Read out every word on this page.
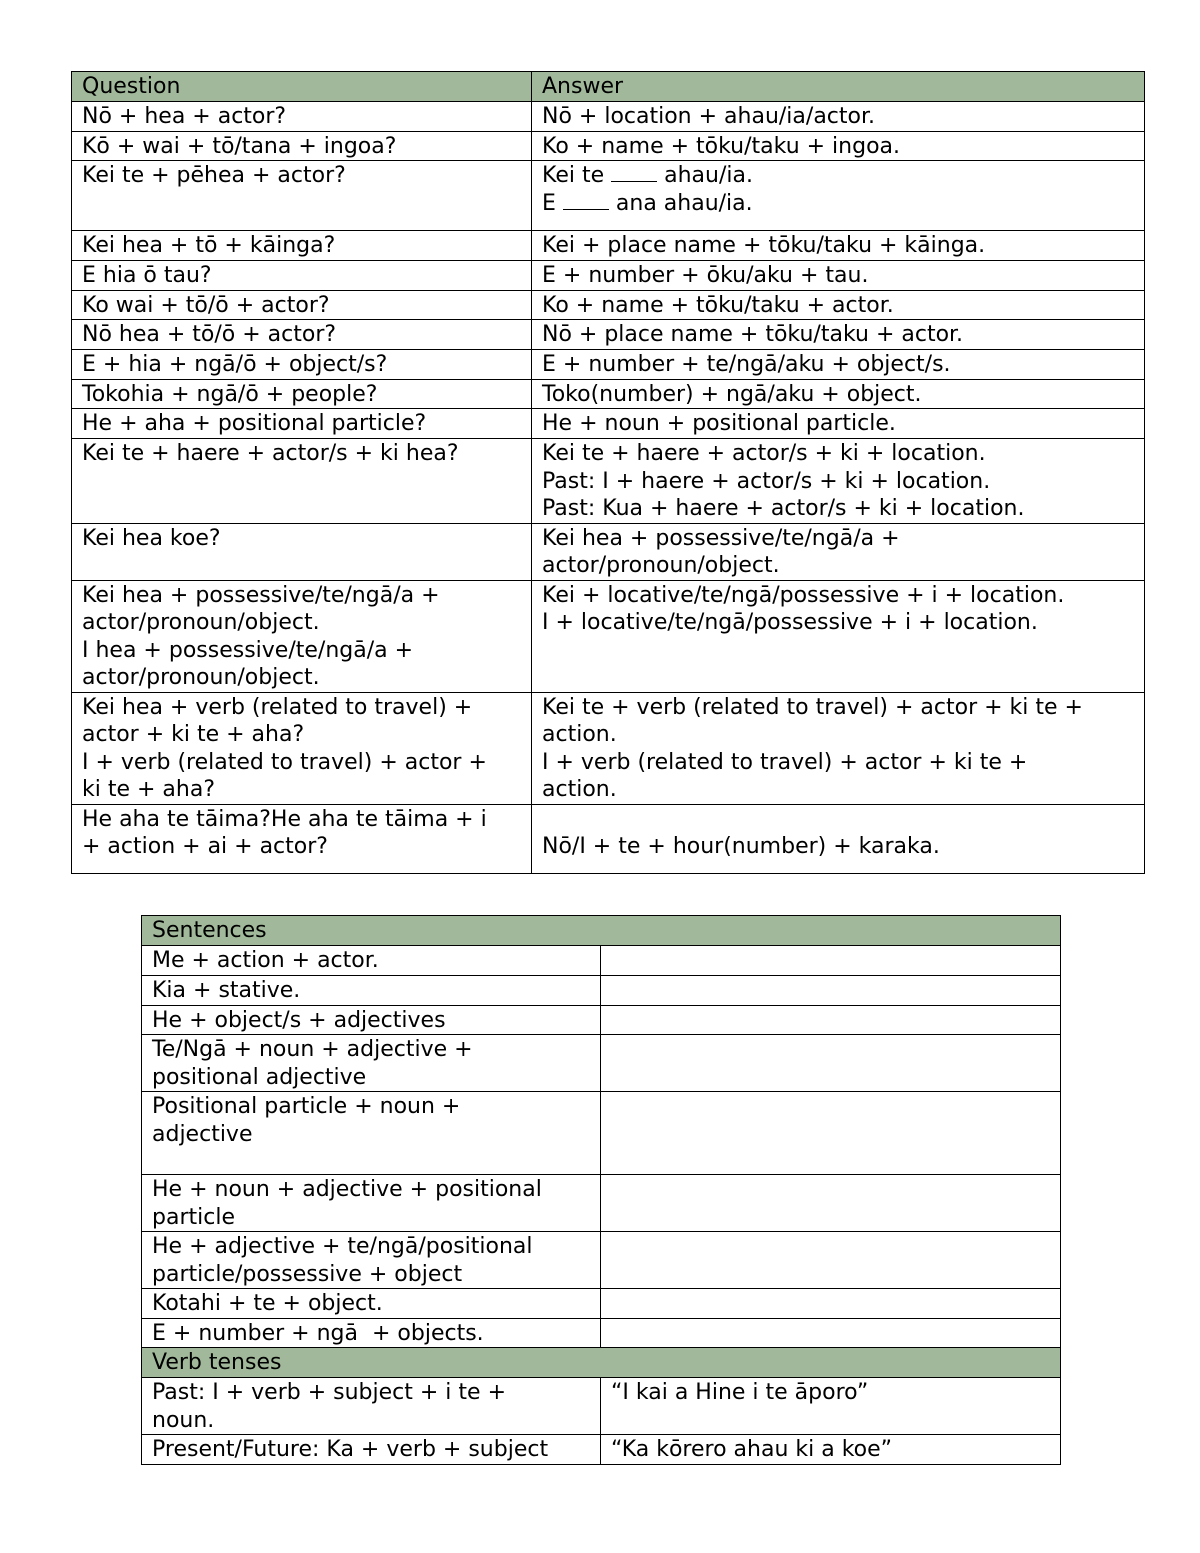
Question	Answer

Nō + hea + actor?	Nō + location + ahau/ia/actor.

Kō + wai + tō/tana + ingoa?	Ko + name + tōku/taku + ingoa.

Kei te + pēhea + actor?	Kei te  ahau/ia.
E  ana ahau/ia.

Kei hea + tō + kāinga?	Kei + place name + tōku/taku + kāinga.

E hia ō tau?	E + number + ōku/aku + tau.

Ko wai + tō/ō + actor?	Ko + name + tōku/taku + actor.

Nō hea + tō/ō + actor?	Nō + place name + tōku/taku + actor.

E + hia + ngā/ō + object/s?	E + number + te/ngā/aku + object/s.

Tokohia + ngā/ō + people?	Toko(number) + ngā/aku + object.

He + aha + positional particle?	He + noun + positional particle.

Kei te + haere + actor/s + ki hea?	Kei te + haere + actor/s + ki + location.
Past: I + haere + actor/s + ki + location.
Past: Kua + haere + actor/s + ki + location.

Kei hea koe?	Kei hea + possessive/te/ngā/a +
actor/pronoun/object.

Kei hea + possessive/te/ngā/a +
actor/pronoun/object.
I hea + possessive/te/ngā/a +
actor/pronoun/object.	Kei + locative/te/ngā/possessive + i + location.
I + locative/te/ngā/possessive + i + location.

Kei hea + verb (related to travel) +
actor + ki te + aha?
I + verb (related to travel) + actor +
ki te + aha?	Kei te + verb (related to travel) + actor + ki te +
action.
I + verb (related to travel) + actor + ki te +
action.

He aha te tāima?He aha te tāima + i
+ action + ai + actor?	Nō/I + te + hour(number) + karaka.
Sentences	

Me + action + actor.	

Kia + stative.	

He + object/s + adjectives	

Te/Ngā + noun + adjective +
positional adjective	

Positional particle + noun +
adjective	

He + noun + adjective + positional
particle	

He + adjective + te/ngā/positional
particle/possessive + object	

Kotahi + te + object.	

E + number + ngā  + objects.	

Verb tenses	

Past: I + verb + subject + i te +
noun.	“I kai a Hine i te āporo”

Present/Future: Ka + verb + subject	“Ka kōrero ahau ki a koe”
